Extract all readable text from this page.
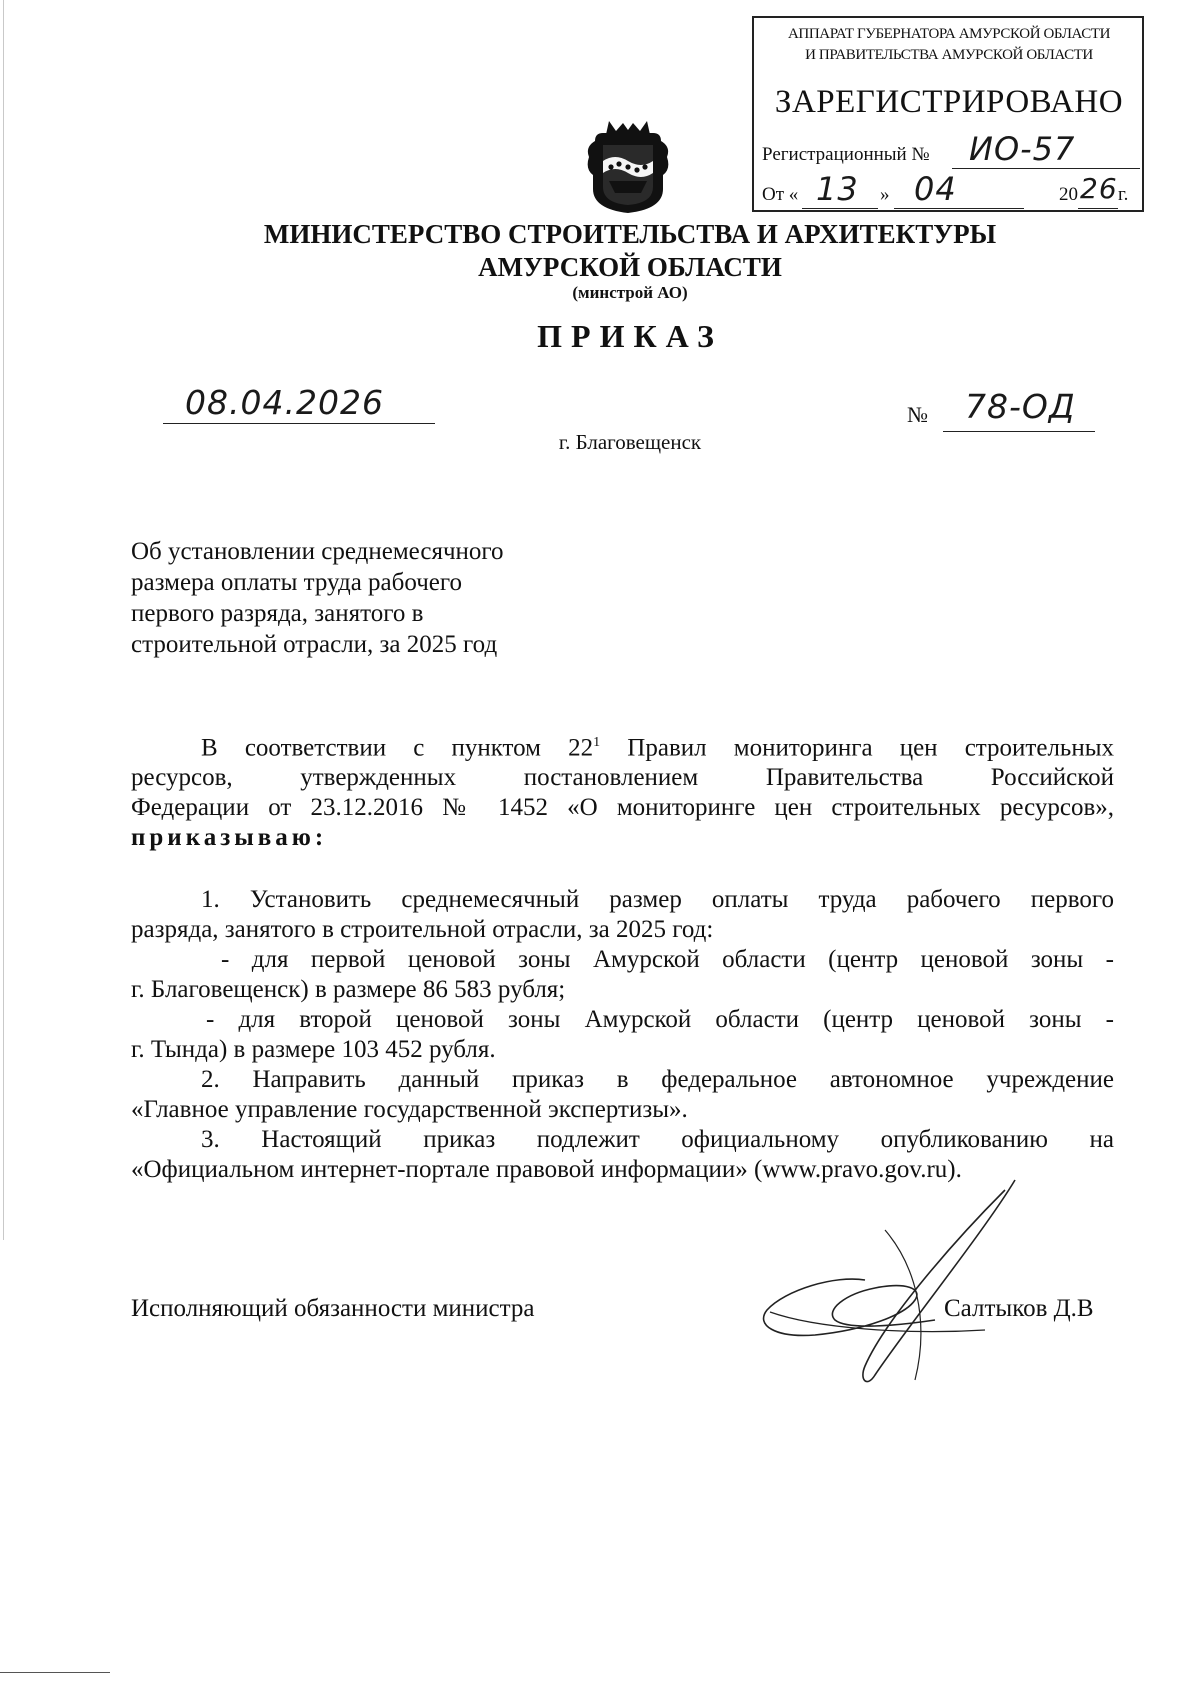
АППАРАТ ГУБЕРНАТОРА АМУРСКОЙ ОБЛАСТИ
И ПРАВИТЕЛЬСТВА АМУРСКОЙ ОБЛАСТИ
ЗАРЕГИСТРИРОВАНО
Регистрационный № ИО-57
От « 13 » 04	20 26 г.
МИНИСТЕРСТВО СТРОИТЕЛЬСТВА И АРХИТЕКТУРЫ
АМУРСКОЙ ОБЛАСТИ
(минстрой АО)
ПРИКАЗ
08.04.2026	№ 78-ОД
г. Благовещенск
Об установлении среднемесячного
размера оплаты труда рабочего
первого разряда, занятого в
строительной отрасли, за 2025 год
В соответствии с пунктом $22^1$ Правил мониторинга цен строительных
ресурсов, утвержденных постановлением Правительства Российской
Федерации от 23.12.2016 № 1452 «О мониторинге цен строительных ресурсов»,
приказываю:
1. Установить среднемесячный размер оплаты труда рабочего первого
разряда, занятого в строительной отрасли, за 2025 год:
- для первой ценовой зоны Амурской области (центр ценовой зоны -
г. Благовещенск) в размере 86 583 рубля;
- для второй ценовой зоны Амурской области (центр ценовой зоны -
г. Тында) в размере 103 452 рубля.
2. Направить данный приказ в федеральное автономное учреждение
«Главное управление государственной экспертизы».
3. Настоящий приказ подлежит официальному опубликованию на
«Официальном интернет-портале правовой информации» (www.pravo.gov.ru).
Исполняющий обязанности министра	Салтыков Д.В
